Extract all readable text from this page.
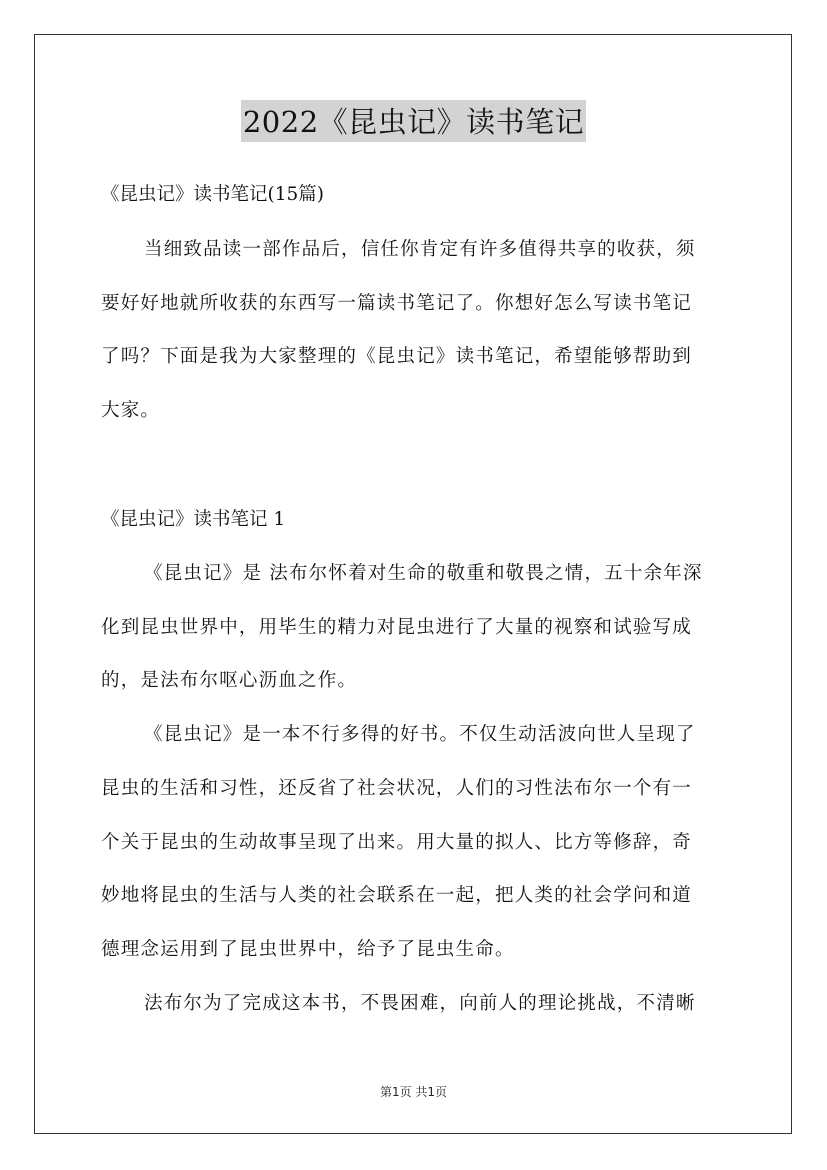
2022《昆虫记》读书笔记

《昆虫记》读书笔记(15篇)

当细致品读一部作品后，信任你肯定有许多值得共享的收获，须

要好好地就所收获的东西写一篇读书笔记了。你想好怎么写读书笔记

了吗？下面是我为大家整理的《昆虫记》读书笔记，希望能够帮助到

大家。

《昆虫记》读书笔记 1

《昆虫记》是 法布尔怀着对生命的敬重和敬畏之情，五十余年深

化到昆虫世界中，用毕生的精力对昆虫进行了大量的视察和试验写成

的，是法布尔呕心沥血之作。

《昆虫记》是一本不行多得的好书。不仅生动活波向世人呈现了

昆虫的生活和习性，还反省了社会状况，人们的习性法布尔一个有一

个关于昆虫的生动故事呈现了出来。用大量的拟人、比方等修辞，奇

妙地将昆虫的生活与人类的社会联系在一起，把人类的社会学问和道

德理念运用到了昆虫世界中，给予了昆虫生命。

法布尔为了完成这本书，不畏困难，向前人的理论挑战，不清晰

第1页 共1页
